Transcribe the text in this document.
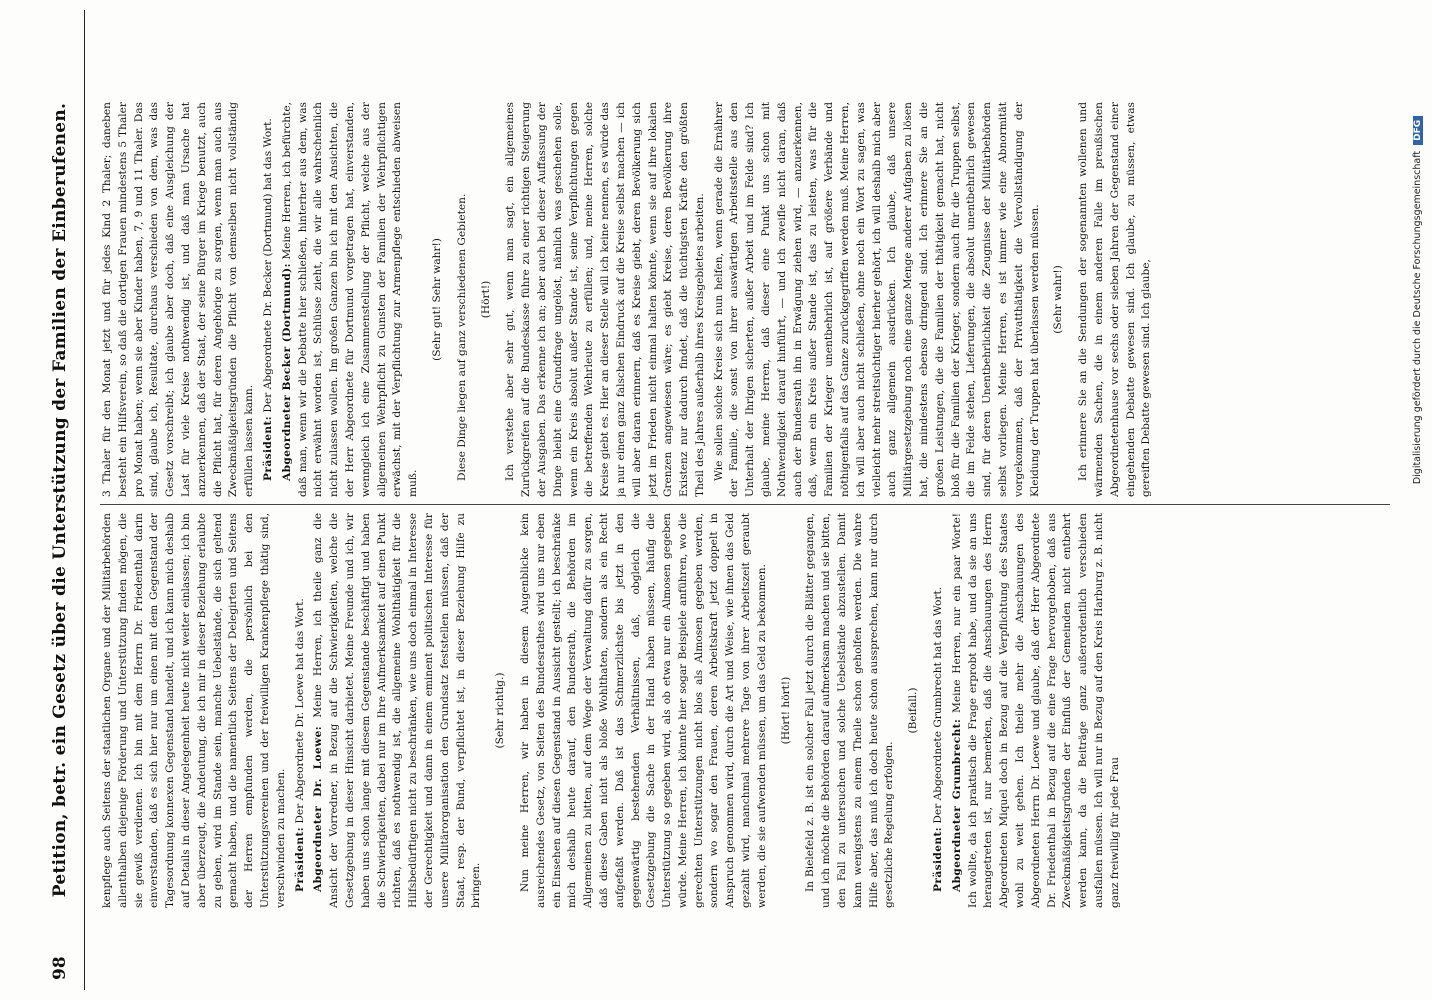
98
Petition, betr. ein Gesetz über die Unterstützung der Familien der Einberufenen.	kenpflege auch Seitens der staatlichen Organe und der Militärbehörden allenthalben diejenige Förderung und Unterstützung finden mögen, die sie gewiß verdienen. Ich bin mit dem Herrn Dr. Friedenthal darin einverstanden, daß es sich hier nur um einen mit dem Gegenstand der Tagesordnung konnexen Gegenstand handelt, und ich kann mich deshalb auf Details in dieser Angelegenheit heute nicht weiter einlassen; ich bin aber überzeugt, die Andeutung, die ich mir in dieser Beziehung erlaubte zu geben, wird im Stande sein, manche Uebelstände, die sich geltend gemacht haben, und die namentlich Seitens der Delegirten und Seitens der Herren empfunden werden, die persönlich bei den Unterstützungsvereinen und der freiwilligen Krankenpflege thätig sind, verschwinden zu machen. Präsident: Der Abgeordnete Dr. Loewe hat das Wort. Abgeordneter Dr. Loewe: Meine Herren, ich theile ganz die Ansicht der Vorredner, in Bezug auf die Schwierigkeiten, welche die Gesetzgebung in dieser Hinsicht darbietet. Meine Freunde und ich, wir haben uns schon lange mit diesem Gegenstande beschäftigt und haben die Schwierigkeiten, dabei nur im Ihre Aufmerksamkeit auf einen Punkt richten, daß es nothwendig ist, die allgemeine Wohlthätigkeit für die Hilfsbedürftigen nicht zu beschränken, wie uns doch einmal in Interesse der Gerechtigkeit und dann in einem eminent politischen Interesse für unsere Militärorganisation den Grundsatz feststellen müssen, daß der Staat, resp. der Bund, verpflichtet ist, in dieser Beziehung Hilfe zu bringen.

(Sehr richtig.) Nun meine Herren, wir haben in diesem Augenblicke kein ausreichendes Gesetz, von Seiten des Bundesrathes wird uns nur eben ein Einsehen auf diesen Gegenstand in Aussicht gestellt; ich beschränke mich deshalb heute darauf, den Bundesrath, die Behörden im Allgemeinen zu bitten, auf dem Wege der Verwaltung dafür zu sorgen, daß diese Gaben nicht als bloße Wohlthaten, sondern als ein Recht aufgefaßt werden. Daß ist das Schmerzlichste bis jetzt in den gegenwärtig bestehenden Verhältnissen, daß, obgleich die Gesetzgebung die Sache in der Hand haben müssen, häufig die Unterstützung so gegeben wird, als ob etwa nur ein Almosen gegeben würde. Meine Herren, ich könnte hier sogar Beispiele anführen, wo die gerechten Unterstützungen nicht blos als Almosen gegeben werden, sondern wo sogar den Frauen, deren Arbeitskraft jetzt doppelt in Anspruch genommen wird, durch die Art und Weise, wie ihnen das Geld gezahlt wird, manchmal mehrere Tage von ihrer Arbeitszeit geraubt werden, die sie aufwenden müssen, um das Geld zu bekommen. (Hört! hört!) In Bielefeld z. B. ist ein solcher Fall jetzt durch die Blätter gegangen, und ich möchte die Behörden darauf aufmerksam machen und sie bitten, den Fall zu untersuchen und solche Uebelstände abzustellen. Damit kann wenigstens zu einem Theile schon geholfen werden. Die wahre Hilfe aber, das muß ich doch heute schon aussprechen, kann nur durch gesetzliche Regelung erfolgen.

(Beifall.)

Präsident: Der Abgeordnete Grumbrecht hat das Wort. Abgeordneter Grumbrecht: Meine Herren, nur ein paar Worte! Ich wollte, da ich praktisch die Frage erprobt habe, und da sie an uns herangetreten ist, nur bemerken, daß die Anschauungen des Herrn Abgeordneten Miquel doch in Bezug auf die Verpflichtung des Staates wohl zu weit gehen. Ich theile mehr die Anschauungen des Abgeordneten Herrn Dr. Loewe und glaube, daß der Herr Abgeordnete Dr. Friedenthal in Bezug auf die eine Frage hervorgehoben, daß aus Zweckmäßigkeitsgründen der Einfluß der Gemeinden nicht entbehrt werden kann, da die Beiträge ganz außerordentlich verschieden ausfallen müssen. Ich will nur in Bezug auf den Kreis Harburg z. B. nicht ganz freiwillig für jede Frau

3 Thaler für den Monat jetzt und für jedes Kind 2 Thaler; daneben besteht ein Hilfsverein, so daß die dortigen Frauen mindestens 5 Thaler pro Monat haben; wenn sie aber Kinder haben, 7, 9 und 11 Thaler. Das sind, glaube ich, Resultate, durchaus verschieden von dem, was das Gesetz vorschreibt; ich glaube aber doch, daß eine Ausgleichung der Last für viele Kreise nothwendig ist, und daß man Ursache hat anzuerkennen, daß der Staat, der seine Bürger im Kriege benutzt, auch die Pflicht hat, für deren Angehörige zu sorgen, wenn man auch aus Zweckmäßigkeitsgründen die Pflicht von demselben nicht vollständig erfüllen lassen kann. Präsident: Der Abgeordnete Dr. Becker (Dortmund) hat das Wort. Abgeordneter Becker (Dortmund): Meine Herren, ich befürchte, daß man, wenn wir die Debatte hier schließen, hinterher aus dem, was nicht erwähnt worden ist, Schlüsse zieht, die wir alle wahrscheinlich nicht zulassen wollen. Im großen Ganzen bin ich mit den Ansichten, die der Herr Abgeordnete für Dortmund vorgetragen hat, einverstanden, wenngleich ich eine Zusammenstellung der Pflicht, welche aus der allgemeinen Wehrpflicht zu Gunsten der Familien der Wehrpflichtigen erwächst, mit der Verpflichtung zur Armenpflege entschieden abweisen muß.

(Sehr gut! Sehr wahr!) Diese Dinge liegen auf ganz verschiedenen Gebieten. (Hört!) Ich verstehe aber sehr gut, wenn man sagt, ein allgemeines Zurückgreifen auf die Bundeskasse führe zu einer richtigen Steigerung der Ausgaben. Das erkenne ich an; aber auch bei dieser Auffassung der Dinge bleibt eine Grundfrage ungelöst, nämlich was geschehen solle, wenn ein Kreis absolut außer Stande ist, seine Verpflichtungen gegen die betreffenden Wehrleute zu erfüllen; und, meine Herren, solche Kreise giebt es. Hier an dieser Stelle will ich keine nennen, es würde das ja nur einen ganz falschen Eindruck auf die Kreise selbst machen — ich will aber daran erinnern, daß es Kreise giebt, deren Bevölkerung sich jetzt im Frieden nicht einmal halten könnte, wenn sie auf ihre lokalen Grenzen angewiesen wäre; es giebt Kreise, deren Bevölkerung ihre Existenz nur dadurch findet, daß die tüchtigsten Kräfte den größten Theil des Jahres außerhalb ihres Kreisgebietes arbeiten. Wie sollen solche Kreise sich nun helfen, wenn gerade die Ernährer der Familie, die sonst von ihrer auswärtigen Arbeitsstelle aus den Unterhalt der Ihrigen sicherten, außer Arbeit und im Felde sind? Ich glaube, meine Herren, daß dieser eine Punkt uns schon mit Nothwendigkeit darauf hinführt, — und ich zweifle nicht daran, daß auch der Bundesrath ihn in Erwägung ziehen wird, — anzuerkennen, daß, wenn ein Kreis außer Stande ist, das zu leisten, was für die Familien der Krieger unentbehrlich ist, auf größere Verbände und nöthigenfalls auf das Ganze zurückgegriffen werden muß. Meine Herren, ich will aber auch nicht schließen, ohne noch ein Wort zu sagen, was vielleicht mehr streitsüchtiger hierher gehört, ich will deshalb mich aber auch ganz allgemein ausdrücken. Ich glaube, daß unsere Militärgesetzgebung noch eine ganze Menge anderer Aufgaben zu lösen hat, die mindestens ebenso dringend sind. Ich erinnere Sie an die großen Leistungen, die die Familien der thätigkeit gemacht hat, nicht bloß für die Familien der Krieger, sondern auch für die Truppen selbst, die im Felde stehen, Lieferungen, die absolut unentbehrlich gewesen sind, für deren Unentbehrlichkeit die Zeugnisse der Militärbehörden selbst vorliegen. Meine Herren, es ist immer wie eine Abnormität vorgekommen, daß der Privatthätigkeit die Vervollständigung der Kleidung der Truppen hat überlassen werden müssen. (Sehr wahr!) Ich erinnere Sie an die Sendungen der sogenannten wollenen und wärmenden Sachen, die in einem anderen Falle im preußischen Abgeordnetenhause vor sechs oder sieben Jahren der Gegenstand einer eingehenden Debatte gewesen sind. Ich glaube, zu müssen, etwas gereiften Debatte gewesen sind. Ich glaube,	Digitalisierung gefördert durch die Deutsche ForschungsgemeinschaftDFG
